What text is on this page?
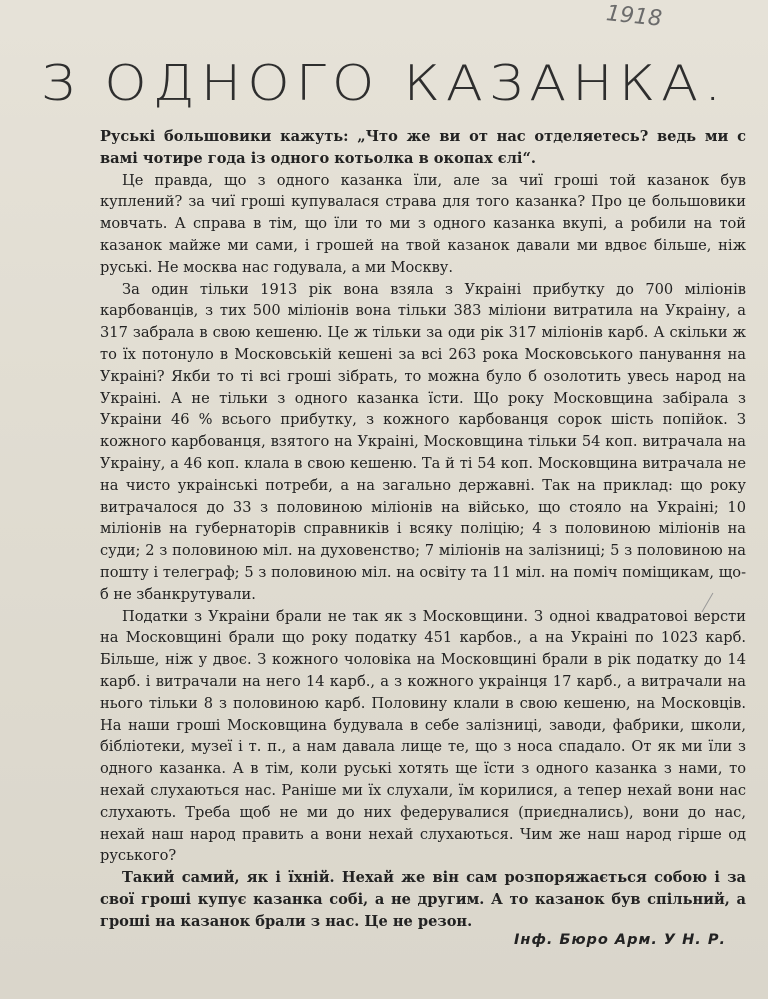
1918
З ОДНОГО КАЗАНКА.

Руські большовики кажуть: „Что же ви от нас отделяетесь? ведь ми с вамі чотире года із одного котьолка в окопах єлі“.

Це правда, що з одного казанка їли, але за чиї гроші той казанок був куплений? за чиї гроші купувалася страва для того казанка? Про це большовики мовчать. А справа в тім, що їли то ми з одного казанка вкупі, а робили на той казанок майже ми сами, і грошей на твой казанок давали ми вдвоє більше, ніж руські. Не москва нас годувала, а ми Москву.

За один тільки 1913 рік вона взяла з Украіні прибутку до 700 міліонів карбованців, з тих 500 міліонів вона тільки 383 міліони витратила на Украіну, а 317 забрала в свою кешеню. Це ж тільки за оди рік 317 міліонів карб. А скільки ж то їх потонуло в Московській кешені за всі 263 рока Московського панування на Украіні? Якби то ті всі гроші зібрать, то можна було б озолотить увесь народ на Украіні. А не тільки з одного казанка їсти. Що року Московщина забірала з Украіни 46 % всього прибутку, з кожного карбованця сорок шість попійок. З кожного карбованця, взятого на Украіні, Московщина тільки 54 коп. витрачала на Украіну, а 46 коп. клала в свою кешеню. Та й ті 54 коп. Московщина витрачала не на чисто украінські потреби, а на загально державні. Так на приклад: що року витрачалося до 33 з половиною міліонів на військо, що стояло на Украіні; 10 міліонів на губернаторів справників і всяку поліцію; 4 з половиною міліонів на суди; 2 з половиною міл. на духовенство; 7 міліонів на залізниці; 5 з половиною на пошту і телеграф; 5 з половиною міл. на освіту та 11 міл. на поміч поміщикам, що-б не збанкрутували.

Податки з Украіни брали не так як з Московщини. З одноі квадратовоі версти на Московщині брали що року податку 451 карбов., а на Украіні по 1023 карб. Більше, ніж у двоє. З кожного чоловіка на Московщині брали в рік податку до 14 карб. і витрачали на него 14 карб., а з кожного украінця 17 карб., а витрачали на нього тільки 8 з половиною карб. Половину клали в свою кешеню, на Московців. На наши гроші Московщина будувала в себе залізниці, заводи, фабрики, школи, бібліотеки, музеї і т. п., а нам давала лище те, що з носа спадало. От як ми їли з одного казанка. А в тім, коли руські хотять ще їсти з одного казанка з нами, то нехай слухаються нас. Раніше ми їх слухали, їм корилися, а тепер нехай вони нас слухають. Треба щоб не ми до них федерувалися (приєднались), вони до нас, нехай наш народ править а вони нехай слухаються. Чим же наш народ гірше од руського?

Такий самий, як і їхній. Нехай же він сам розпоряжається собою і за свої гроші купує казанка собі, а не другим. А то казанок був спільний, а гроші на казанок брали з нас. Це не резон.

Інф. Бюро Арм. У Н. Р.
